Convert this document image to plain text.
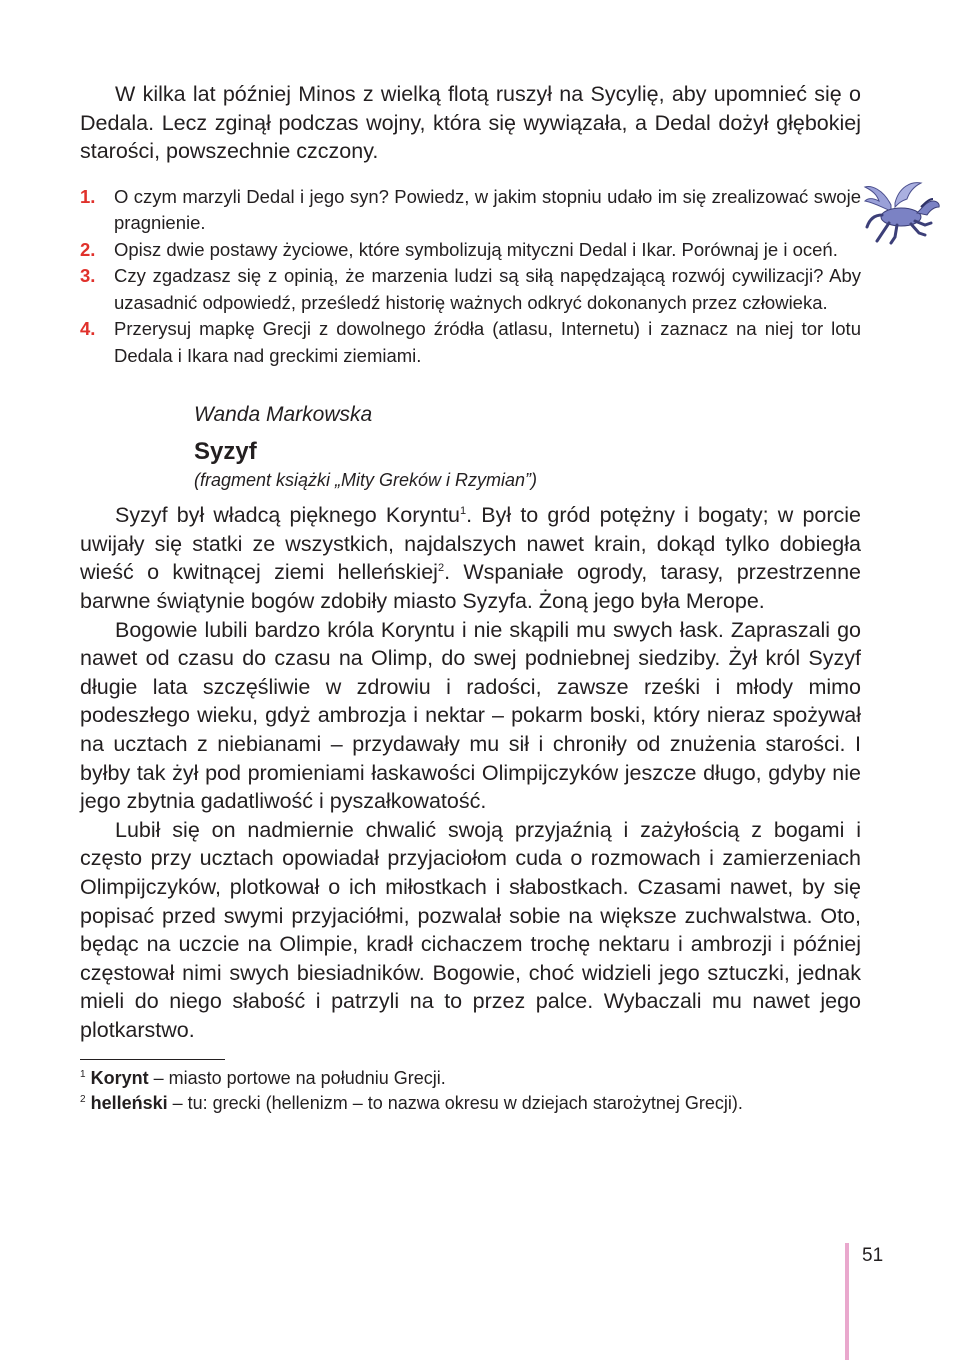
W kilka lat później Minos z wielką flotą ruszył na Sycylię, aby upomnieć się o Dedala. Lecz zginął podczas wojny, która się wywiązała, a Dedal dożył głębokiej starości, powszechnie czczony.

1. O czym marzyli Dedal i jego syn? Powiedz, w jakim stopniu udało im się zrealizować swoje pragnienie.
2. Opisz dwie postawy życiowe, które symbolizują mityczni Dedal i Ikar. Porównaj je i oceń.
3. Czy zgadzasz się z opinią, że marzenia ludzi są siłą napędzającą rozwój cywilizacji? Aby uzasadnić odpowiedź, prześledź historię ważnych odkryć dokonanych przez człowieka.
4. Przerysuj mapkę Grecji z dowolnego źródła (atlasu, Internetu) i zaznacz na niej tor lotu Dedala i Ikara nad greckimi ziemiami.

Wanda Markowska

Syzyf

(fragment książki „Mity Greków i Rzymian”)

Syzyf był władcą pięknego Koryntu$^1$. Był to gród potężny i bogaty; w porcie uwijały się statki ze wszystkich, najdalszych nawet krain, dokąd tylko dobiegła wieść o kwitnącej ziemi helleńskiej$^2$. Wspaniałe ogrody, tarasy, przestrzenne barwne świątynie bogów zdobiły miasto Syzyfa. Żoną jego była Merope.

Bogowie lubili bardzo króla Koryntu i nie skąpili mu swych łask. Zapraszali go nawet od czasu do czasu na Olimp, do swej podniebnej siedziby. Żył król Syzyf długie lata szczęśliwie w zdrowiu i radości, zawsze rześki i młody mimo podeszłego wieku, gdyż ambrozja i nektar – pokarm boski, który nieraz spożywał na ucztach z niebianami – przydawały mu sił i chroniły od znużenia starości. I byłby tak żył pod promieniami łaskawości Olimpijczyków jeszcze długo, gdyby nie jego zbytnia gadatliwość i pyszałkowatość.

Lubił się on nadmiernie chwalić swoją przyjaźnią i zażyłością z bogami i często przy ucztach opowiadał przyjaciołom cuda o rozmowach i zamierzeniach Olimpijczyków, plotkował o ich miłostkach i słabostkach. Czasami nawet, by się popisać przed swymi przyjaciółmi, pozwalał sobie na większe zuchwalstwa. Oto, będąc na uczcie na Olimpie, kradł cichaczem trochę nektaru i ambrozji i później częstował nimi swych biesiadników. Bogowie, choć widzieli jego sztuczki, jednak mieli do niego słabość i patrzyli na to przez palce. Wybaczali mu nawet jego plotkarstwo.

$^1$ Korynt – miasto portowe na południu Grecji.

$^2$ helleński – tu: grecki (hellenizm – to nazwa okresu w dziejach starożytnej Grecji).

51
